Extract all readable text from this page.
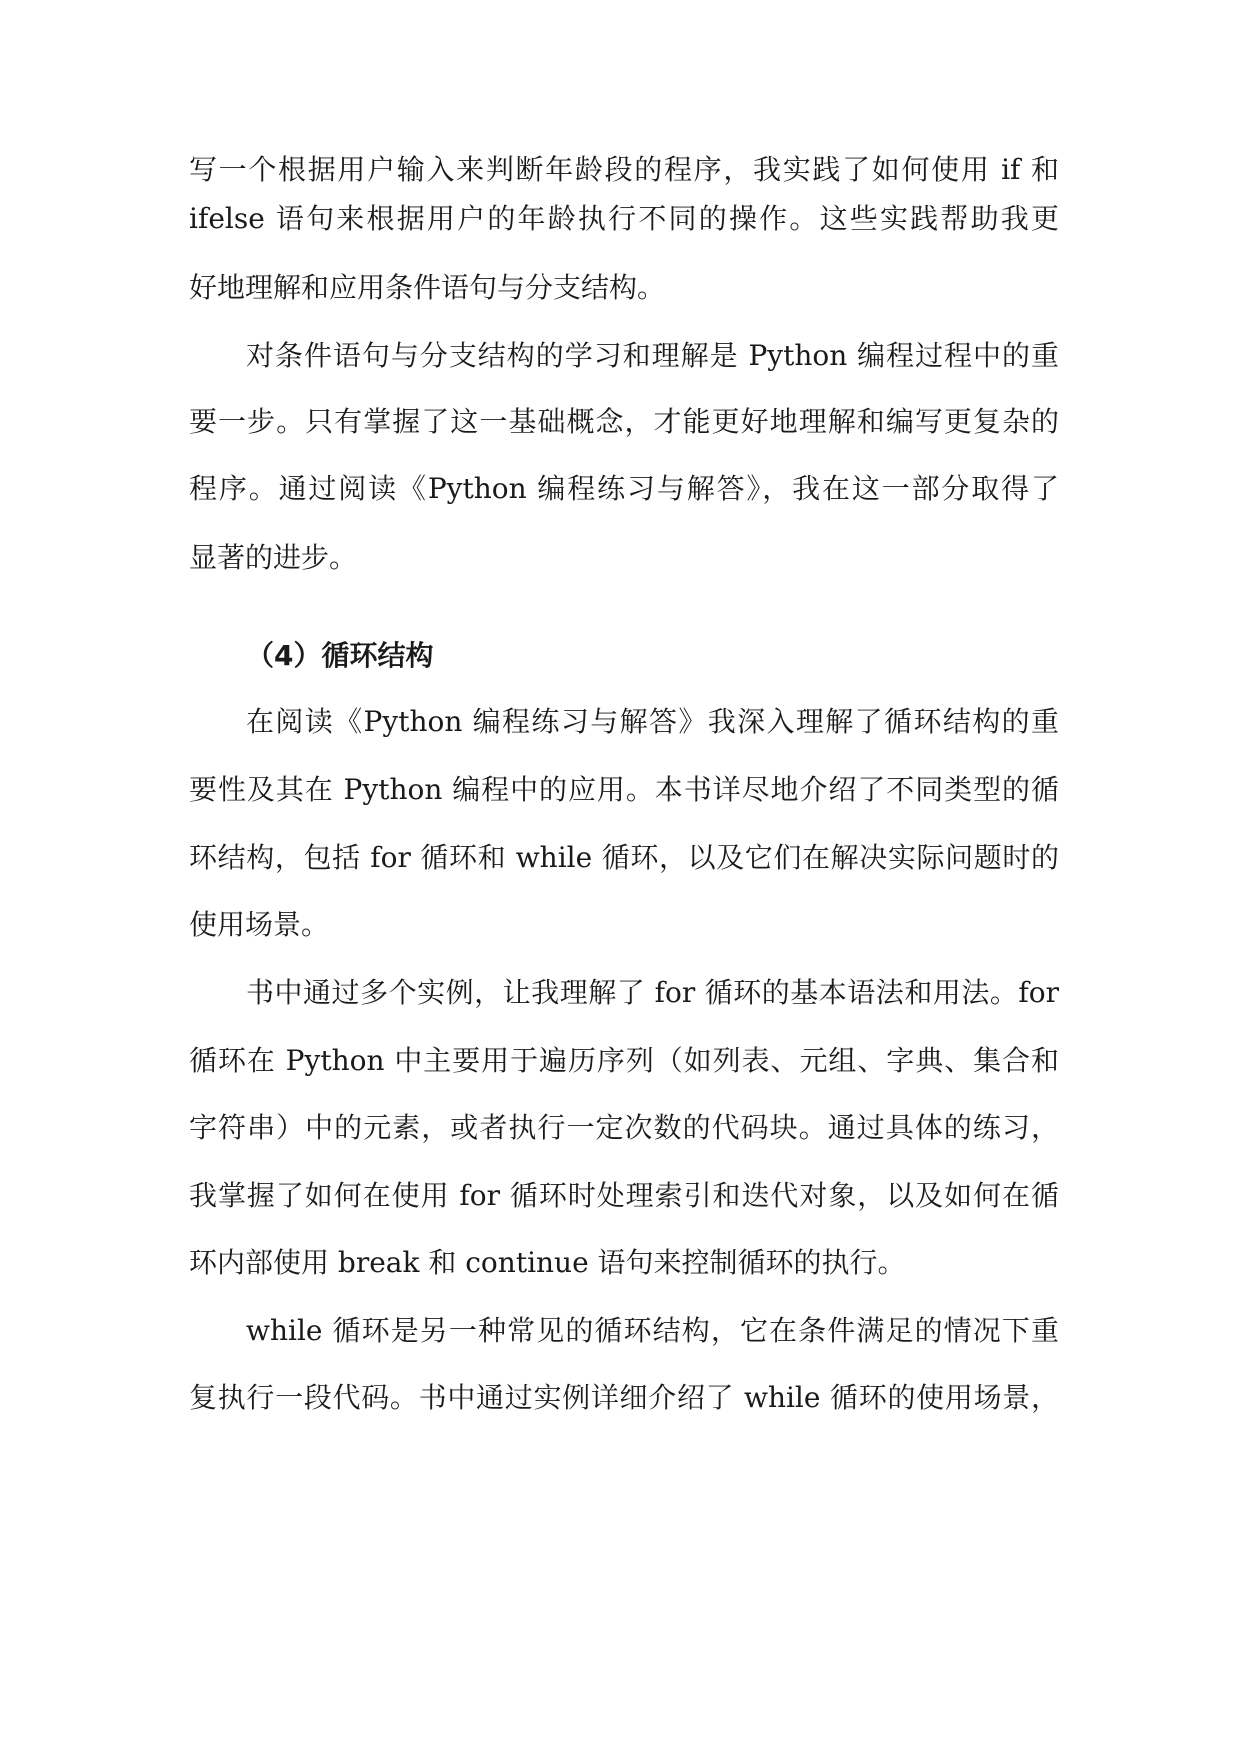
写一个根据用户输入来判断年龄段的程序，我实践了如何使用 if 和
ifelse 语句来根据用户的年龄执行不同的操作。这些实践帮助我更
好地理解和应用条件语句与分支结构。
对条件语句与分支结构的学习和理解是 Python 编程过程中的重
要一步。只有掌握了这一基础概念，才能更好地理解和编写更复杂的
程序。通过阅读《Python 编程练习与解答》，我在这一部分取得了
显著的进步。
（4）循环结构
在阅读《Python 编程练习与解答》我深入理解了循环结构的重
要性及其在 Python 编程中的应用。本书详尽地介绍了不同类型的循
环结构，包括 for 循环和 while 循环，以及它们在解决实际问题时的
使用场景。
书中通过多个实例，让我理解了 for 循环的基本语法和用法。for
循环在 Python 中主要用于遍历序列（如列表、元组、字典、集合和
字符串）中的元素，或者执行一定次数的代码块。通过具体的练习，
我掌握了如何在使用 for 循环时处理索引和迭代对象，以及如何在循
环内部使用 break 和 continue 语句来控制循环的执行。
while 循环是另一种常见的循环结构，它在条件满足的情况下重
复执行一段代码。书中通过实例详细介绍了 while 循环的使用场景，
